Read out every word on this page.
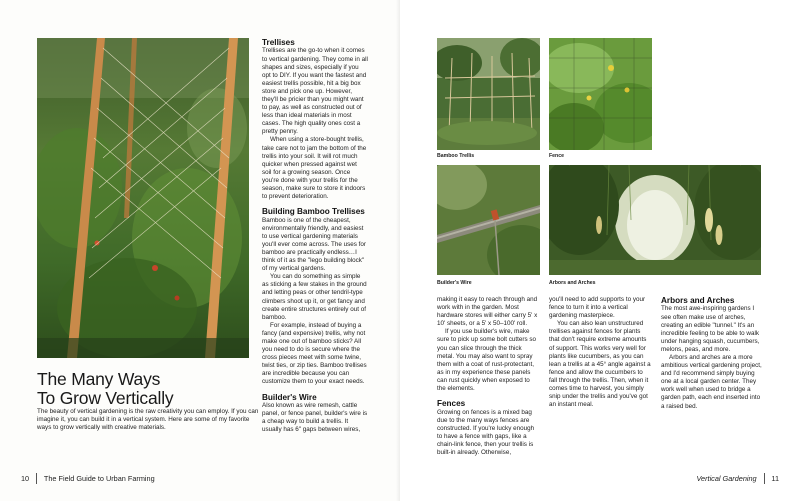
Trellises

Trellises are the go-to when it comes to vertical gardening. They come in all shapes and sizes, especially if you opt to DIY. If you want the fastest and easiest trellis possible, hit a big box store and pick one up. However, they'll be pricier than you might want to pay, as well as constructed out of less than ideal materials in most cases. The high quality ones cost a pretty penny.

When using a store-bought trellis, take care not to jam the bottom of the trellis into your soil. It will rot much quicker when pressed against wet soil for a growing season. Once you're done with your trellis for the season, make sure to store it indoors to prevent deterioration.

Building Bamboo Trellises

Bamboo is one of the cheapest, environmentally friendly, and easiest to use vertical gardening materials you'll ever come across. The uses for bamboo are practically endless…I think of it as the "lego building block" of my vertical gardens.

You can do something as simple as sticking a few stakes in the ground and letting peas or other tendril-type climbers shoot up it, or get fancy and create entire structures entirely out of bamboo.

For example, instead of buying a fancy (and expensive) trellis, why not make one out of bamboo sticks? All you need to do is secure where the cross pieces meet with some twine, twist ties, or zip ties. Bamboo trellises are incredible because you can customize them to your exact needs.

Builder's Wire

Also known as wire remesh, cattle panel, or fence panel, builder's wire is a cheap way to build a trellis. It usually has 6" gaps between wires,

The Many Ways
To Grow Vertically

The beauty of vertical gardening is the raw creativity you can employ. If you can imagine it, you can build it in a vertical system. Here are some of my favorite ways to grow vertically with creative materials.

10 The Field Guide to Urban Farming
Bamboo Trellis	Fence
Builder's Wire	Arbors and Arches

making it easy to reach through and work with in the garden. Most hardware stores will either carry 5' x 10' sheets, or a 5' x 50–100' roll.

If you use builder's wire, make sure to pick up some bolt cutters so you can slice through the thick metal. You may also want to spray them with a coat of rust-protectant, as in my experience these panels can rust quickly when exposed to the elements.

Fences

Growing on fences is a mixed bag due to the many ways fences are constructed. If you're lucky enough to have a fence with gaps, like a chain-link fence, then your trellis is built-in already. Otherwise,

you'll need to add supports to your fence to turn it into a vertical gardening masterpiece.

You can also lean unstructured trellises against fences for plants that don't require extreme amounts of support. This works very well for plants like cucumbers, as you can lean a trellis at a 45° angle against a fence and allow the cucumbers to fall through the trellis. Then, when it comes time to harvest, you simply snip under the trellis and you've got an instant meal.

Arbors and Arches

The most awe-inspiring gardens I see often make use of arches, creating an edible "tunnel." It's an incredible feeling to be able to walk under hanging squash, cucumbers, melons, peas, and more.

Arbors and arches are a more ambitious vertical gardening project, and I'd recommend simply buying one at a local garden center. They work well when used to bridge a garden path, each end inserted into a raised bed.

Vertical Gardening 11
